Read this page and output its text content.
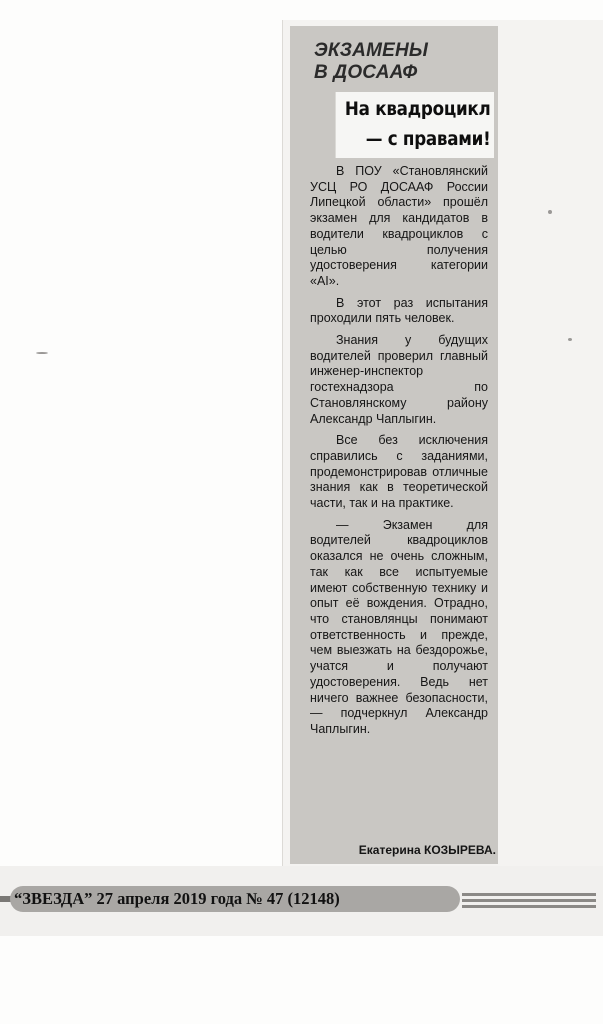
ЭКЗАМЕНЫ
В ДОСААФ
На квадроцикл
— с правами!

В ПОУ «Становлянский УСЦ РО ДОСААФ России Липецкой области» прошёл экзамен для кандидатов в водители квадроциклов с целью получения удостоверения категории «AI».

В этот раз испытания проходили пять человек.

Знания у будущих водителей проверил главный инженер-инспектор гостехнадзора по Становлянскому району Александр Чаплыгин.

Все без исключения справились с заданиями, продемонстрировав отличные знания как в теоретической части, так и на практике.

— Экзамен для водителей квадроциклов оказался не очень сложным, так как все испытуемые имеют собственную технику и опыт её вождения. Отрадно, что становлянцы понимают ответственность и прежде, чем выезжать на бездорожье, учатся и получают удостоверения. Ведь нет ничего важнее безопасности, — подчеркнул Александр Чаплыгин.

Екатерина КОЗЫРЕВА.
“ЗВЕЗДА” 27 апреля 2019 года № 47 (12148)
